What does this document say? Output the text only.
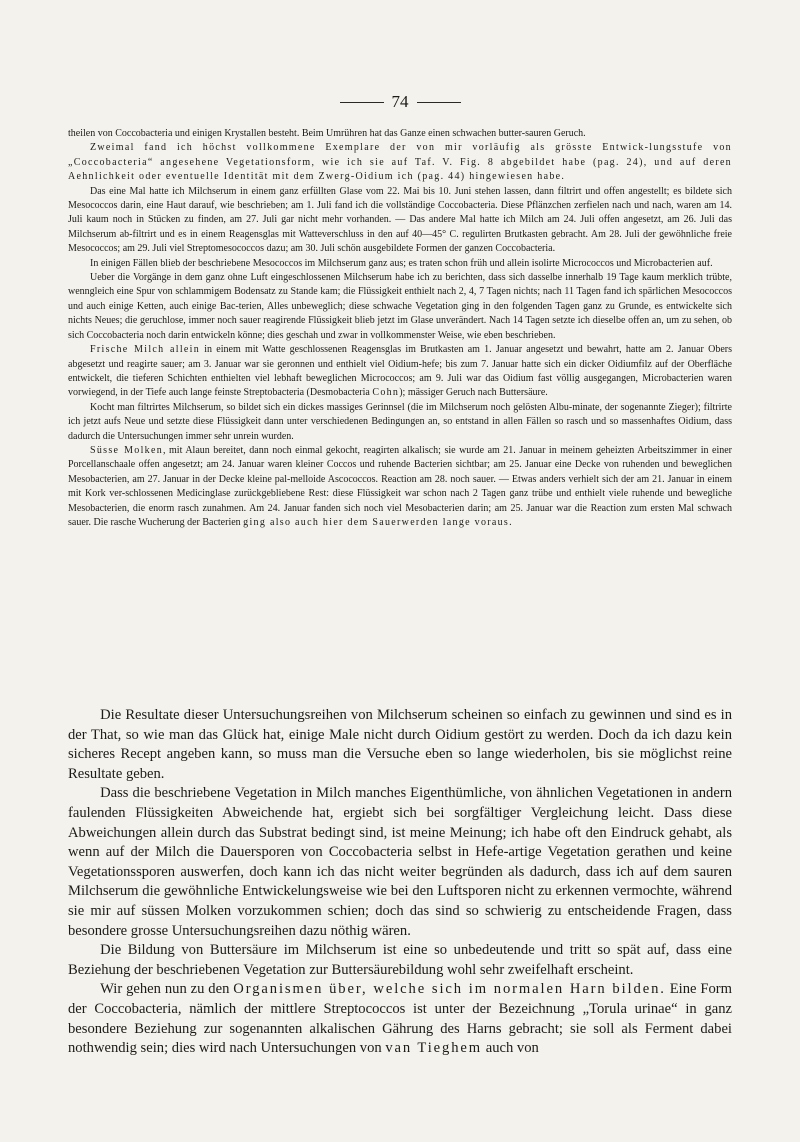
74

theilen von Coccobacteria und einigen Krystallen besteht. Beim Umrühren hat das Ganze einen schwachen butter-sauren Geruch.

Zweimal fand ich höchst vollkommene Exemplare der von mir vorläufig als grösste Entwick-lungsstufe von „Coccobacteria“ angesehene Vegetationsform, wie ich sie auf Taf. V. Fig. 8 abgebildet habe (pag. 24), und auf deren Aehnlichkeit oder eventuelle Identität mit dem Zwerg-Oidium ich (pag. 44) hingewiesen habe.

Das eine Mal hatte ich Milchserum in einem ganz erfüllten Glase vom 22. Mai bis 10. Juni stehen lassen, dann filtrirt und offen angestellt; es bildete sich Mesococcos darin, eine Haut darauf, wie beschrieben; am 1. Juli fand ich die vollständige Coccobacteria. Diese Pflänzchen zerfielen nach und nach, waren am 14. Juli kaum noch in Stücken zu finden, am 27. Juli gar nicht mehr vorhanden. — Das andere Mal hatte ich Milch am 24. Juli offen angesetzt, am 26. Juli das Milchserum ab-filtrirt und es in einem Reagensglas mit Watteverschluss in den auf 40—45° C. regulirten Brutkasten gebracht. Am 28. Juli der gewöhnliche freie Mesococcos; am 29. Juli viel Streptomesococcos dazu; am 30. Juli schön ausgebildete Formen der ganzen Coccobacteria.

In einigen Fällen blieb der beschriebene Mesococcos im Milchserum ganz aus; es traten schon früh und allein isolirte Micrococcos und Microbacterien auf.

Ueber die Vorgänge in dem ganz ohne Luft eingeschlossenen Milchserum habe ich zu berichten, dass sich dasselbe innerhalb 19 Tage kaum merklich trübte, wenngleich eine Spur von schlammigem Bodensatz zu Stande kam; die Flüssigkeit enthielt nach 2, 4, 7 Tagen nichts; nach 11 Tagen fand ich spärlichen Mesococcos und auch einige Ketten, auch einige Bac-terien, Alles unbeweglich; diese schwache Vegetation ging in den folgenden Tagen ganz zu Grunde, es entwickelte sich nichts Neues; die geruchlose, immer noch sauer reagirende Flüssigkeit blieb jetzt im Glase unverändert. Nach 14 Tagen setzte ich dieselbe offen an, um zu sehen, ob sich Coccobacteria noch darin entwickeln könne; dies geschah und zwar in vollkommenster Weise, wie eben beschrieben.

Frische Milch allein in einem mit Watte geschlossenen Reagensglas im Brutkasten am 1. Januar angesetzt und bewahrt, hatte am 2. Januar Obers abgesetzt und reagirte sauer; am 3. Januar war sie geronnen und enthielt viel Oidium-hefe; bis zum 7. Januar hatte sich ein dicker Oidiumfilz auf der Oberfläche entwickelt, die tieferen Schichten enthielten viel lebhaft beweglichen Micrococcos; am 9. Juli war das Oidium fast völlig ausgegangen, Microbacterien waren vorwiegend, in der Tiefe auch lange feinste Streptobacteria (Desmobacteria Cohn); mässiger Geruch nach Buttersäure.

Kocht man filtrirtes Milchserum, so bildet sich ein dickes massiges Gerinnsel (die im Milchserum noch gelösten Albu-minate, der sogenannte Zieger); filtrirte ich jetzt aufs Neue und setzte diese Flüssigkeit dann unter verschiedenen Bedingungen an, so entstand in allen Fällen so rasch und so massenhaftes Oidium, dass dadurch die Untersuchungen immer sehr unrein wurden.

Süsse Molken, mit Alaun bereitet, dann noch einmal gekocht, reagirten alkalisch; sie wurde am 21. Januar in meinem geheizten Arbeitszimmer in einer Porcellanschaale offen angesetzt; am 24. Januar waren kleiner Coccos und ruhende Bacterien sichtbar; am 25. Januar eine Decke von ruhenden und beweglichen Mesobacterien, am 27. Januar in der Decke kleine pal-melloide Ascococcos. Reaction am 28. noch sauer. — Etwas anders verhielt sich der am 21. Januar in einem mit Kork ver-schlossenen Medicinglase zurückgebliebene Rest: diese Flüssigkeit war schon nach 2 Tagen ganz trübe und enthielt viele ruhende und bewegliche Mesobacterien, die enorm rasch zunahmen. Am 24. Januar fanden sich noch viel Mesobacterien darin; am 25. Januar war die Reaction zum ersten Mal schwach sauer. Die rasche Wucherung der Bacterien ging also auch hier dem Sauerwerden lange voraus.

Die Resultate dieser Untersuchungsreihen von Milchserum scheinen so einfach zu gewinnen und sind es in der That, so wie man das Glück hat, einige Male nicht durch Oidium gestört zu werden. Doch da ich dazu kein sicheres Recept angeben kann, so muss man die Versuche eben so lange wiederholen, bis sie möglichst reine Resultate geben.

Dass die beschriebene Vegetation in Milch manches Eigenthümliche, von ähnlichen Vegetationen in andern faulenden Flüssigkeiten Abweichende hat, ergiebt sich bei sorgfältiger Vergleichung leicht. Dass diese Abweichungen allein durch das Substrat bedingt sind, ist meine Meinung; ich habe oft den Eindruck gehabt, als wenn auf der Milch die Dauersporen von Coccobacteria selbst in Hefe-artige Vegetation gerathen und keine Vegetationssporen auswerfen, doch kann ich das nicht weiter begründen als dadurch, dass ich auf dem sauren Milchserum die gewöhnliche Entwickelungsweise wie bei den Luftsporen nicht zu erkennen vermochte, während sie mir auf süssen Molken vorzukommen schien; doch das sind so schwierig zu entscheidende Fragen, dass besondere grosse Untersuchungsreihen dazu nöthig wären.

Die Bildung von Buttersäure im Milchserum ist eine so unbedeutende und tritt so spät auf, dass eine Beziehung der beschriebenen Vegetation zur Buttersäurebildung wohl sehr zweifelhaft erscheint.

Wir gehen nun zu den Organismen über, welche sich im normalen Harn bilden. Eine Form der Coccobacteria, nämlich der mittlere Streptococcos ist unter der Bezeichnung „Torula urinae“ in ganz besondere Beziehung zur sogenannten alkalischen Gährung des Harns gebracht; sie soll als Ferment dabei nothwendig sein; dies wird nach Untersuchungen von van Tieghem auch von
